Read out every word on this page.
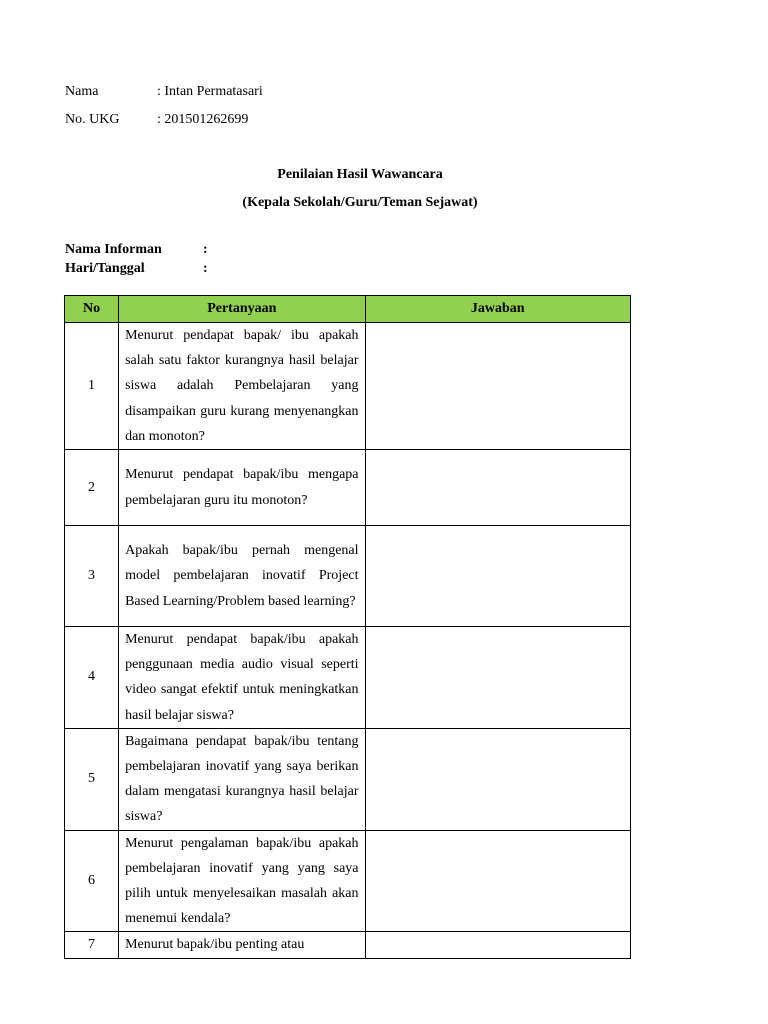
Nama	: Intan Permatasari
No. UKG	: 201501262699
Penilaian Hasil Wawancara
(Kepala Sekolah/Guru/Teman Sejawat)
Nama Informan	:
Hari/Tanggal	:
No	Pertanyaan	Jawaban
1	Menurut pendapat bapak/ ibu apakah salah satu faktor kurangnya hasil belajar siswa adalah Pembelajaran yang disampaikan guru kurang menyenangkan dan monoton?	

2	Menurut pendapat bapak/ibu mengapa pembelajaran guru itu monoton?	

3	Apakah bapak/ibu pernah mengenal model pembelajaran inovatif Project Based Learning/Problem based learning?	

4	Menurut pendapat bapak/ibu apakah penggunaan media audio visual seperti video sangat efektif untuk meningkatkan hasil belajar siswa?	

5	Bagaimana pendapat bapak/ibu tentang pembelajaran inovatif yang saya berikan dalam mengatasi kurangnya hasil belajar siswa?	

6	Menurut pengalaman bapak/ibu apakah pembelajaran inovatif yang yang saya pilih untuk menyelesaikan masalah akan menemui kendala?	

7	Menurut bapak/ibu penting atau	
